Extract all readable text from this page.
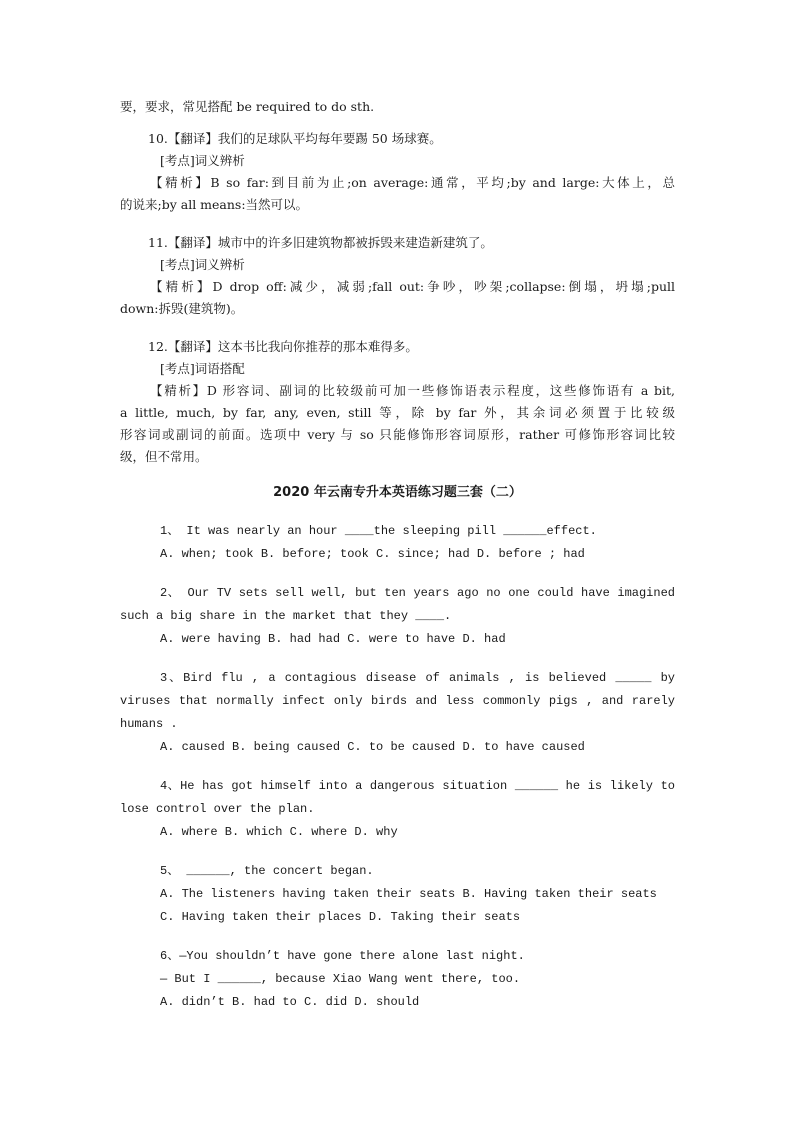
要，要求，常见搭配 be required to do sth.
10.【翻译】我们的足球队平均每年要踢 50 场球赛。
[考点]词义辨析
【精析】B so far:到目前为止;on average:通常，平均;by and large:大体上，总
的说来;by all means:当然可以。
11.【翻译】城市中的许多旧建筑物都被拆毁来建造新建筑了。
[考点]词义辨析
【精析】D drop off:减少，减弱;fall out:争吵，吵架;collapse:倒塌，坍塌;pull
down:拆毁(建筑物)。
12.【翻译】这本书比我向你推荐的那本难得多。
[考点]词语搭配
【精析】D 形容词、副词的比较级前可加一些修饰语表示程度，这些修饰语有 a bit,
a little, much, by far, any, even, still 等，除 by far 外，其余词必须置于比较级
形容词或副词的前面。选项中 very 与 so 只能修饰形容词原形，rather 可修饰形容词比较
级，但不常用。
2020 年云南专升本英语练习题三套（二）
1、 It was nearly an hour ____the sleeping pill ______effect.
A. when; took B. before; took C. since; had D. before ; had
2、 Our TV sets sell well, but ten years ago no one could have imagined
such a big share in the market that they ____.
A. were having B. had had C. were to have D. had
3、Bird flu , a contagious disease of animals , is believed _____ by
viruses that normally infect only birds and less commonly pigs , and rarely
humans .
A. caused B. being caused C. to be caused D. to have caused
4、He has got himself into a dangerous situation ______ he is likely to
lose control over the plan.
A. where B. which C. where D. why
5、 ______, the concert began.
A. The listeners having taken their seats B. Having taken their seats
C. Having taken their places D. Taking their seats
6、—You shouldn’t have gone there alone last night.
— But I ______, because Xiao Wang went there, too.
A. didn’t B. had to C. did D. should
